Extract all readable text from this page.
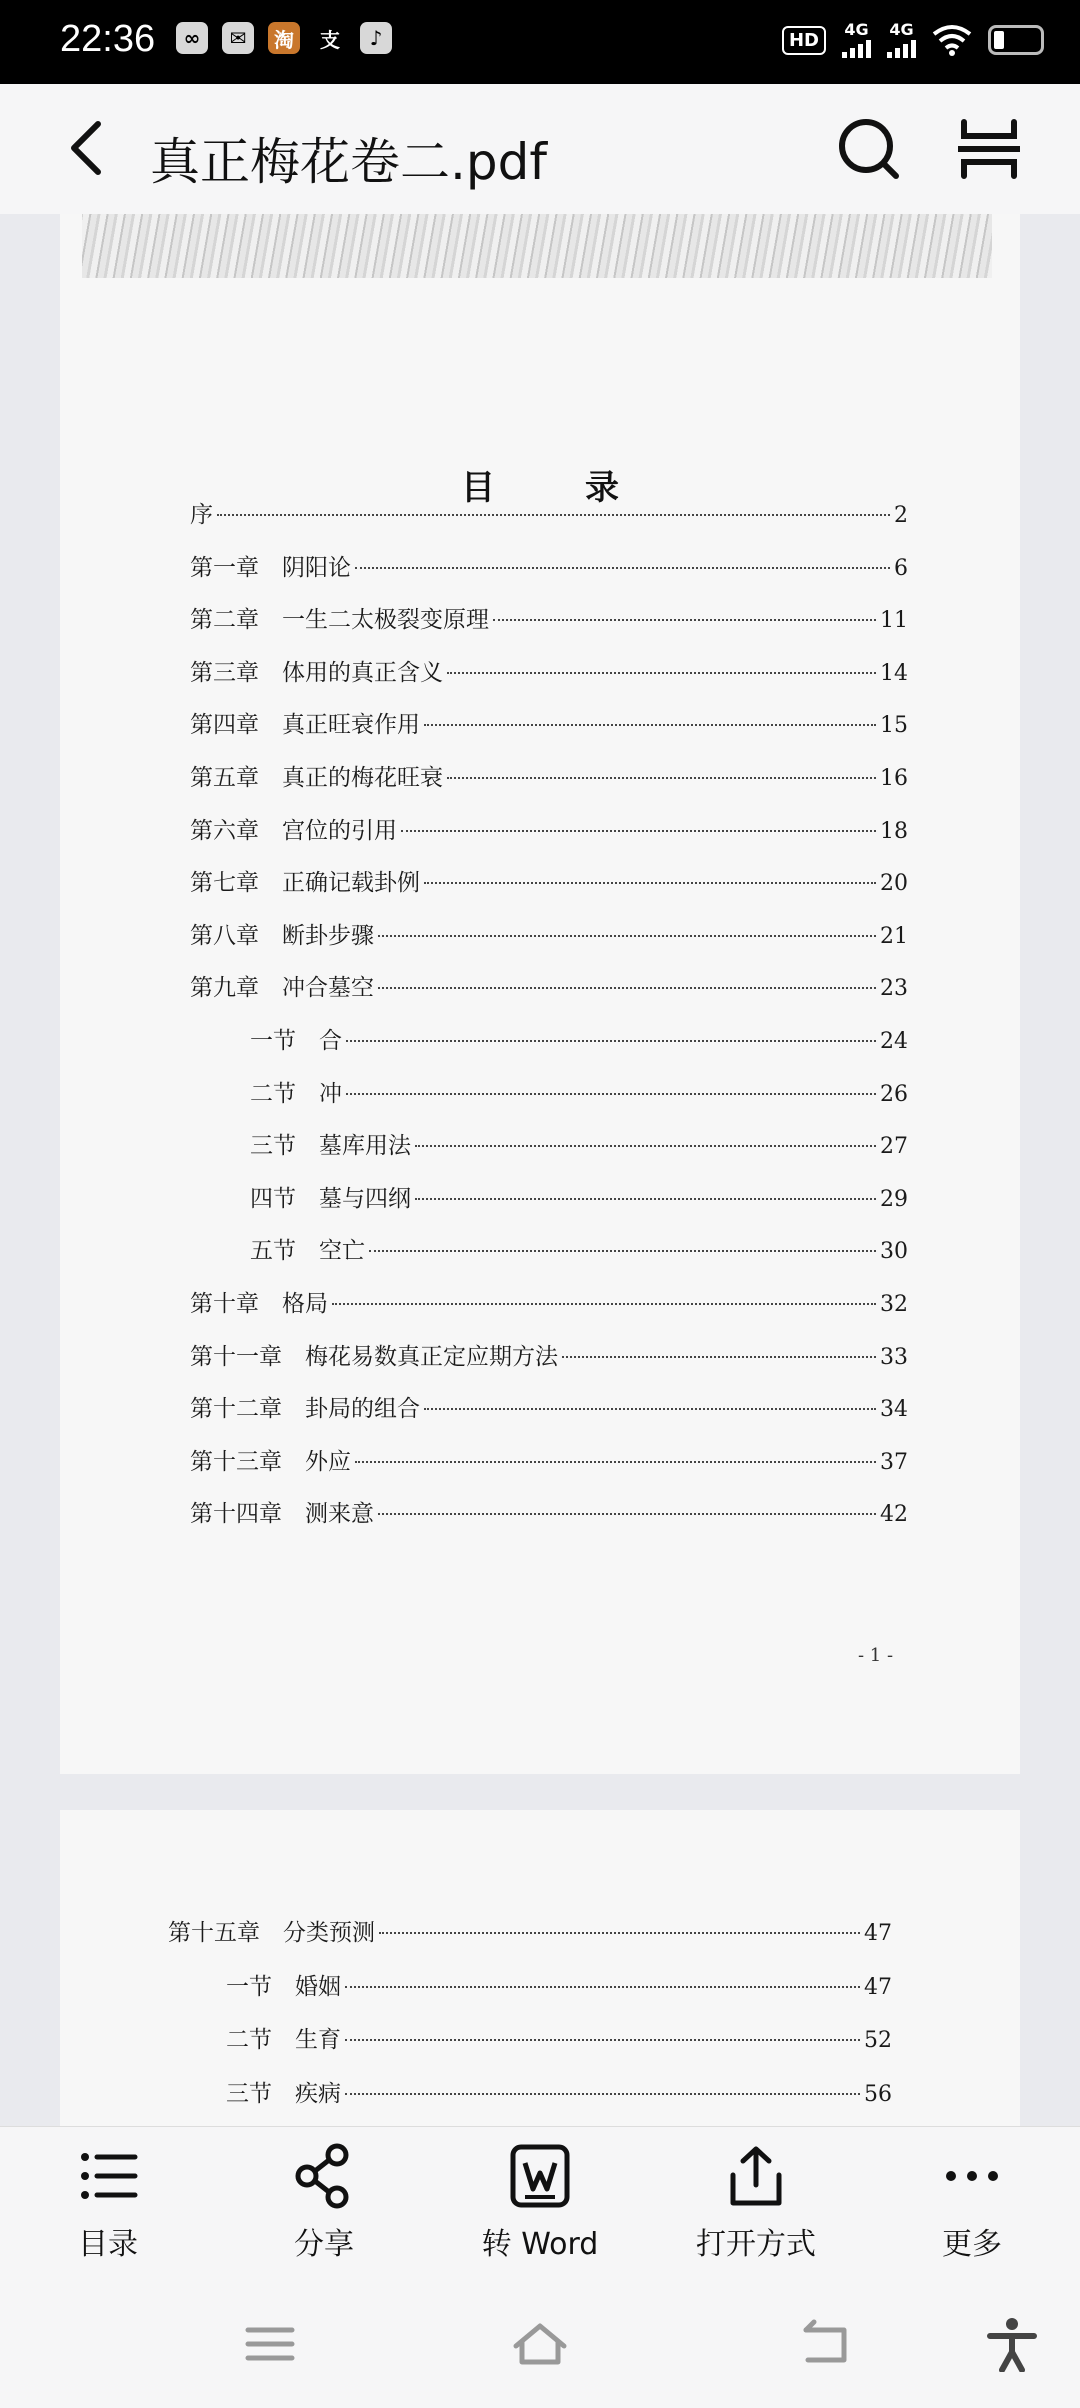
22:36	∞	✉	淘	支	♪	HD	4G 4G
真正梅花卷二.pdf
目录
序	2
第一章　阴阳论	6
第二章　一生二太极裂变原理	11
第三章　体用的真正含义	14
第四章　真正旺衰作用	15
第五章　真正的梅花旺衰	16
第六章　宫位的引用	18
第七章　正确记载卦例	20
第八章　断卦步骤	21
第九章　冲合墓空	23
一节　合	24
二节　冲	26
三节　墓库用法	27
四节　墓与四纲	29
五节　空亡	30
第十章　格局	32
第十一章　梅花易数真正定应期方法	33
第十二章　卦局的组合	34
第十三章　外应	37
第十四章　测来意	42
- 1 -
第十五章　分类预测	47
一节　婚姻	47
二节　生育	52
三节　疾病	56
目录	分享	转 Word	打开方式	更多
